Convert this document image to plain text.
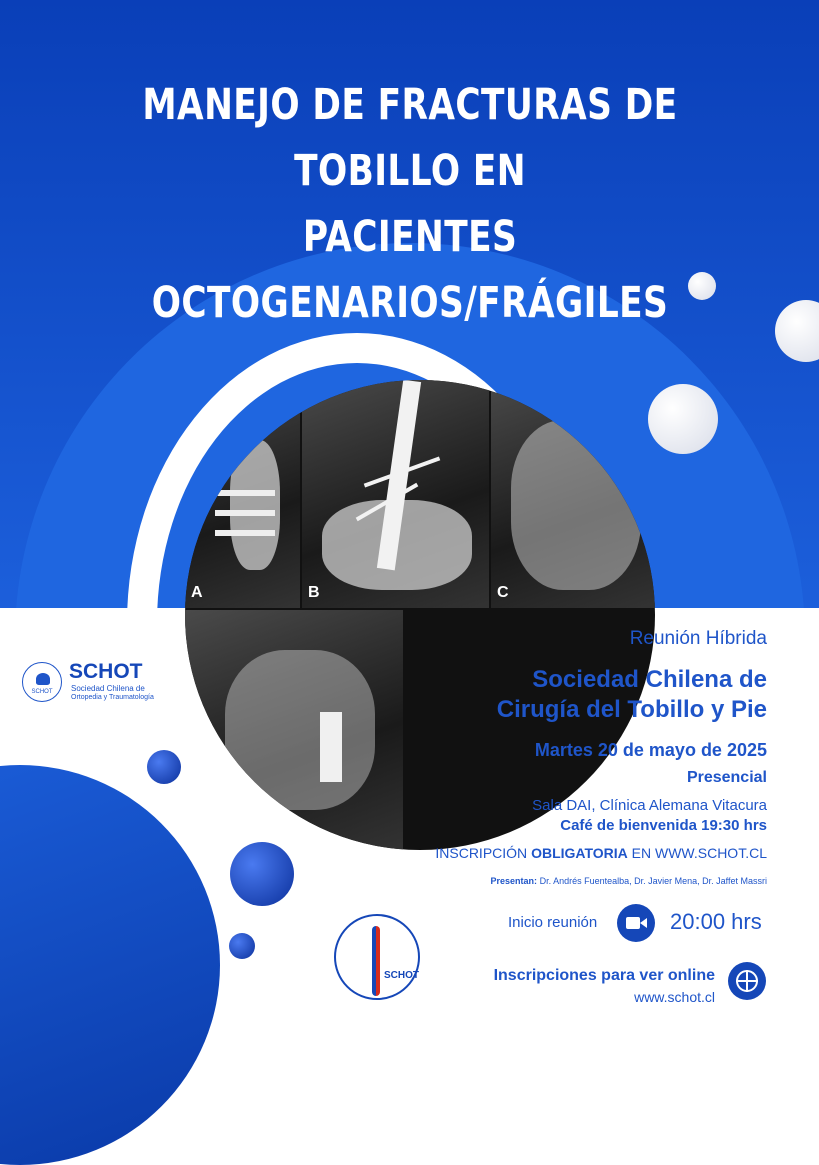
MANEJO DE FRACTURAS DE TOBILLO EN
PACIENTES OCTOGENARIOS/FRÁGILES
A	B	C
SCHOT
SCHOT
Sociedad Chilena de
Ortopedia y Traumatología
Reunión Híbrida
Sociedad Chilena de
Cirugía del Tobillo y Pie
Martes 20 de mayo de 2025
Presencial
Sala DAI, Clínica Alemana Vitacura
Café de bienvenida 19:30 hrs
INSCRIPCIÓN OBLIGATORIA EN WWW.SCHOT.CL
Presentan: Dr. Andrés Fuentealba, Dr. Javier Mena, Dr. Jaffet Massri
Inicio reunión	20:00 hrs
Inscripciones para ver online
www.schot.cl
SCHOT
